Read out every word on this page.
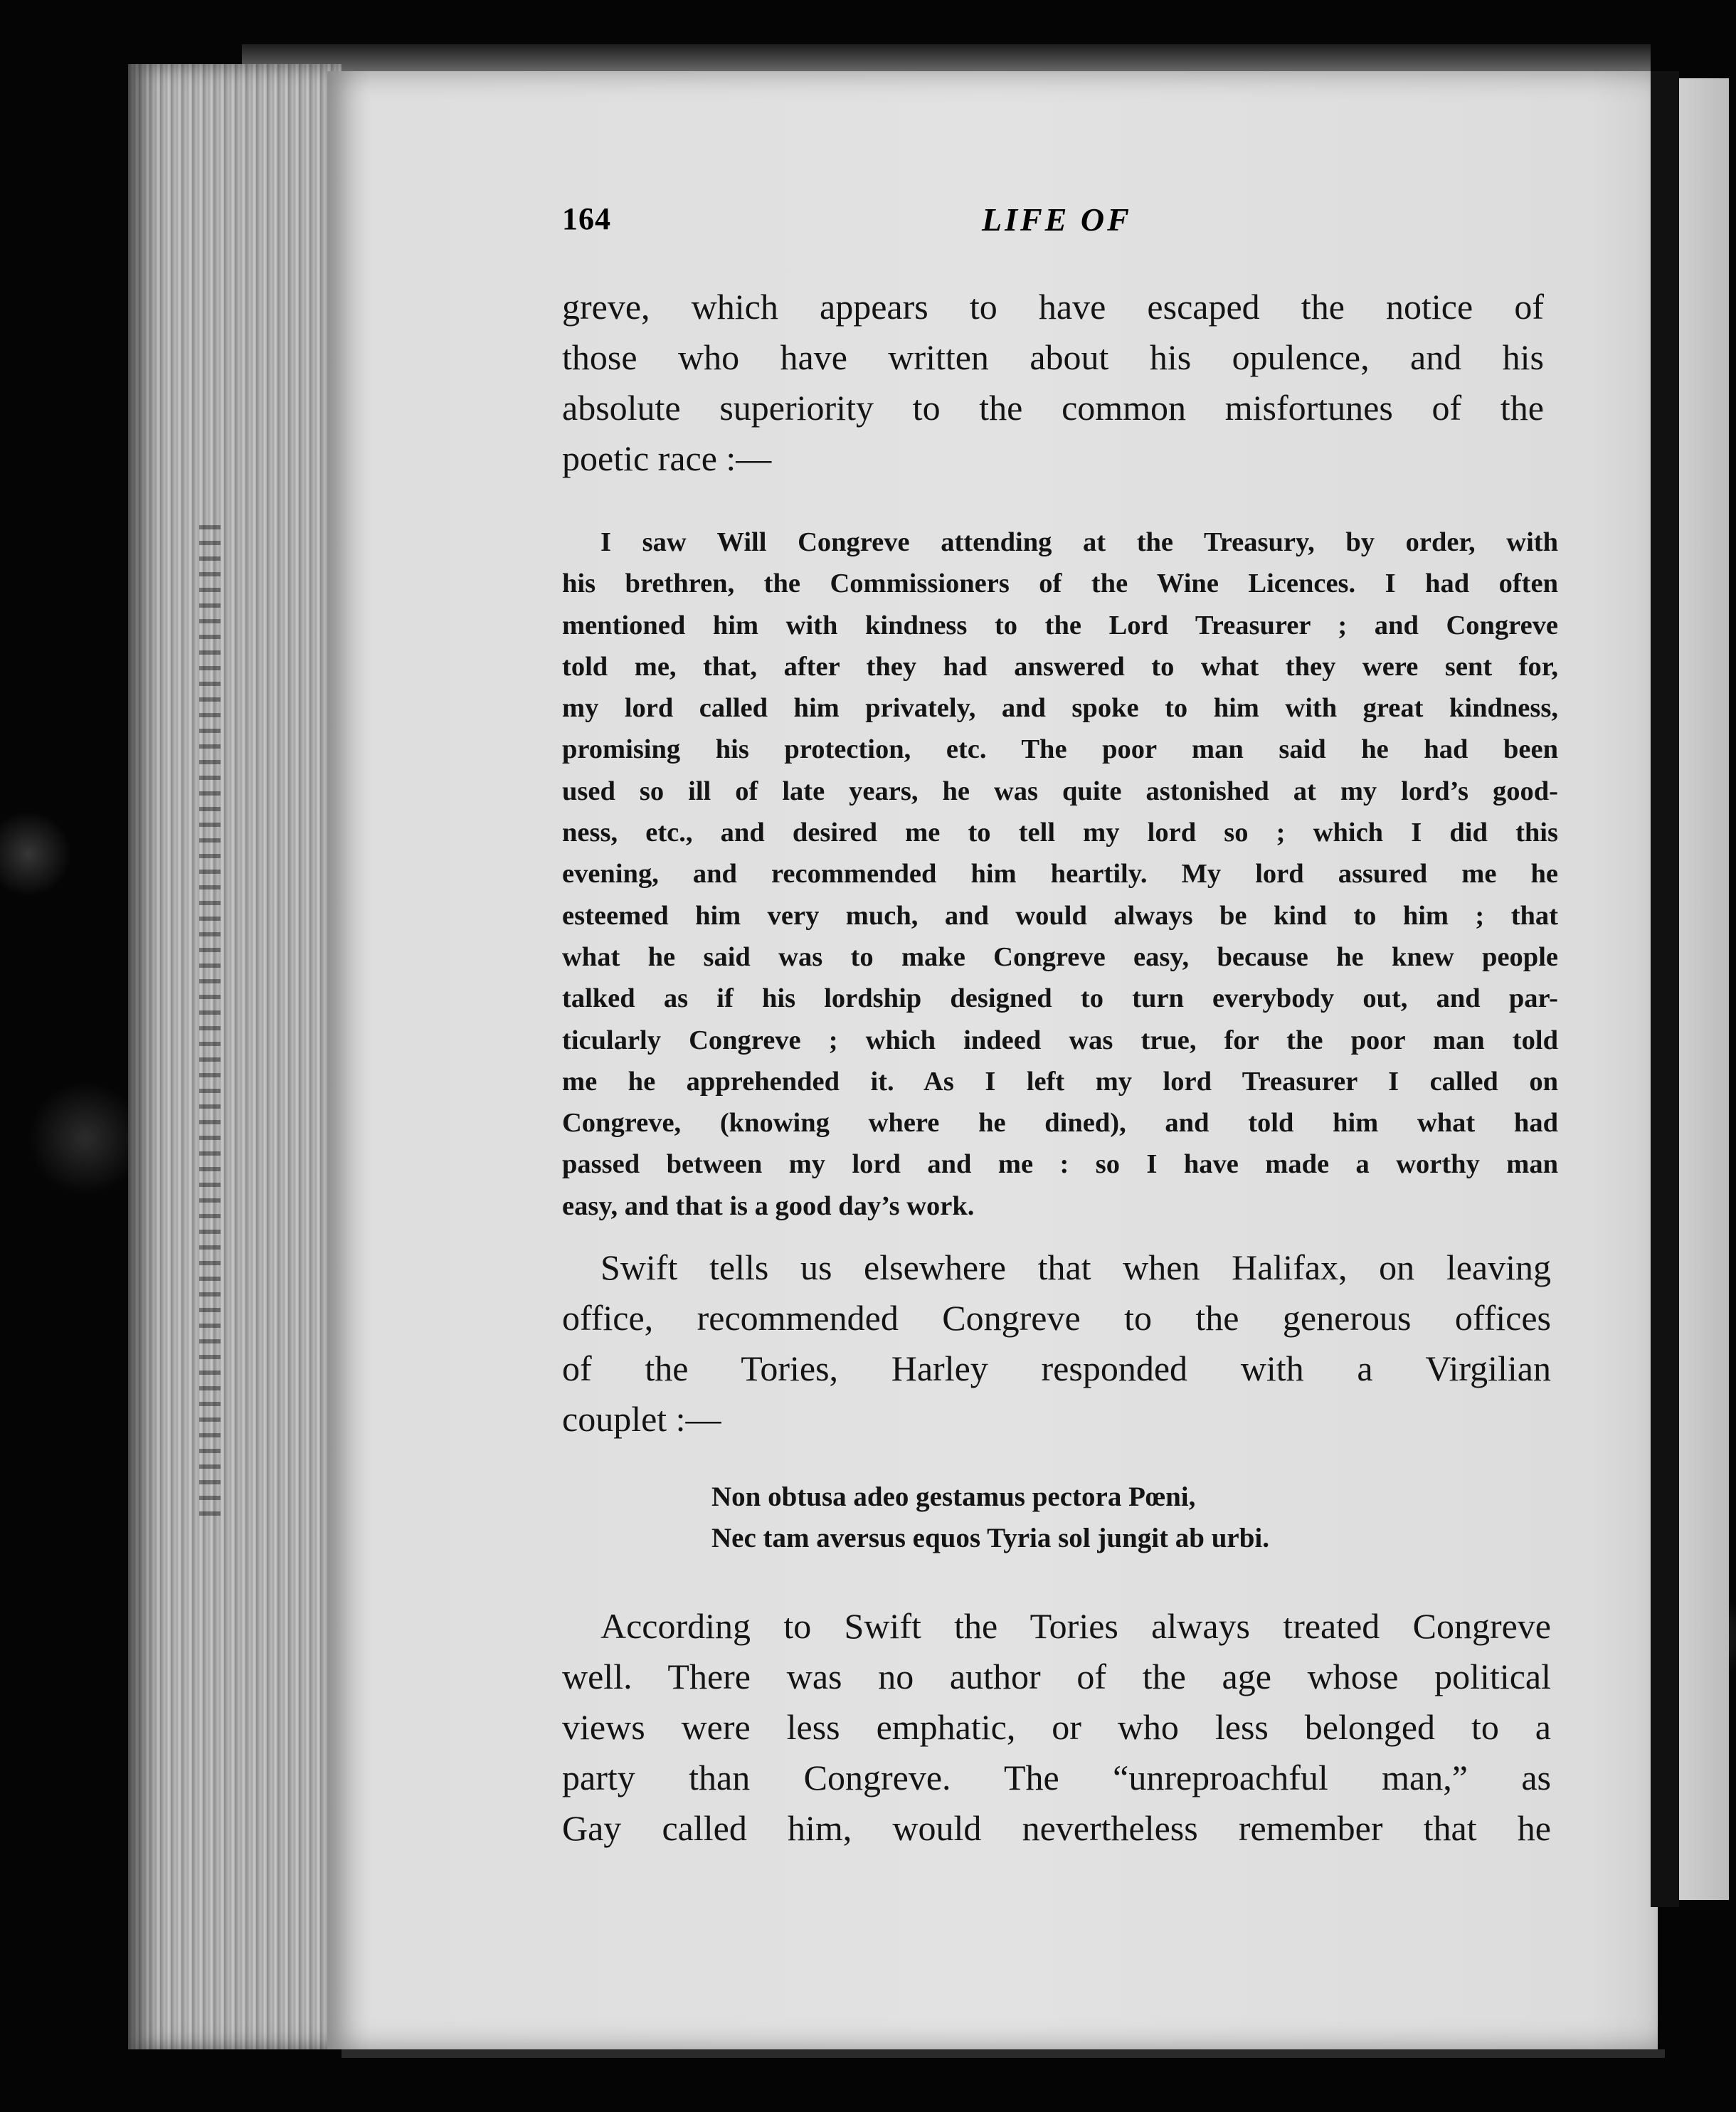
164	LIFE OF

greve, which appears to have escaped the notice of
those who have written about his opulence, and his
absolute superiority to the common misfortunes of the
poetic race :—

I saw Will Congreve attending at the Treasury, by order, with
his brethren, the Commissioners of the Wine Licences. I had often
mentioned him with kindness to the Lord Treasurer ; and Congreve
told me, that, after they had answered to what they were sent for,
my lord called him privately, and spoke to him with great kindness,
promising his protection, etc. The poor man said he had been
used so ill of late years, he was quite astonished at my lord’s good-
ness, etc., and desired me to tell my lord so ; which I did this
evening, and recommended him heartily. My lord assured me he
esteemed him very much, and would always be kind to him ; that
what he said was to make Congreve easy, because he knew people
talked as if his lordship designed to turn everybody out, and par-
ticularly Congreve ; which indeed was true, for the poor man told
me he apprehended it. As I left my lord Treasurer I called on
Congreve, (knowing where he dined), and told him what had
passed between my lord and me : so I have made a worthy man
easy, and that is a good day’s work.

Swift tells us elsewhere that when Halifax, on leaving
office, recommended Congreve to the generous offices
of the Tories, Harley responded with a Virgilian
couplet :—

Non obtusa adeo gestamus pectora Pœni,
Nec tam aversus equos Tyria sol jungit ab urbi.

According to Swift the Tories always treated Congreve
well. There was no author of the age whose political
views were less emphatic, or who less belonged to a
party than Congreve. The “unreproachful man,” as
Gay called him, would nevertheless remember that he
